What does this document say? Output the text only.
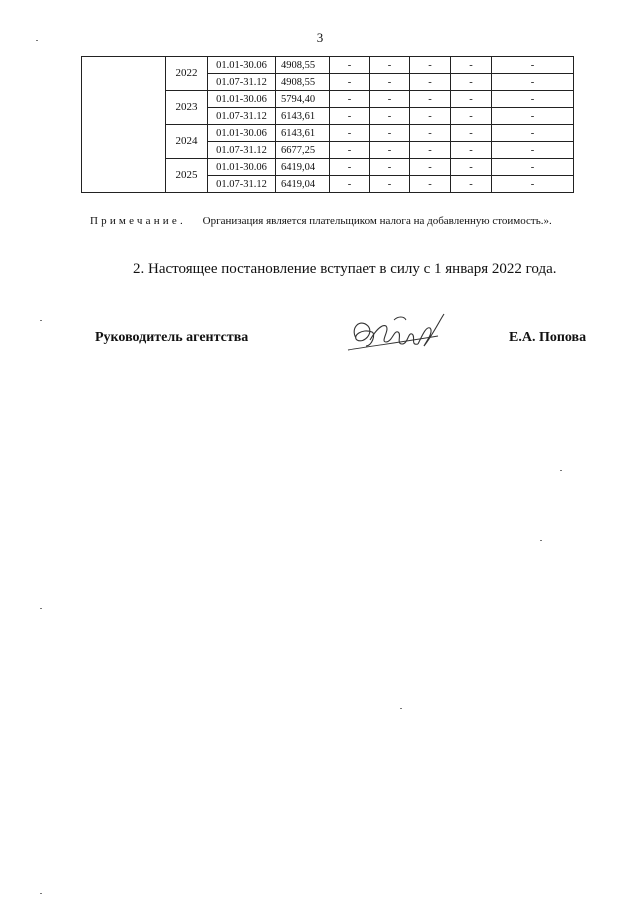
3
	2022	01.01-30.06	4908,55	-	-	-	-	-
		01.07-31.12	4908,55	-	-	-	-	-
	2023	01.01-30.06	5794,40	-	-	-	-	-
		01.07-31.12	6143,61	-	-	-	-	-
	2024	01.01-30.06	6143,61	-	-	-	-	-
		01.07-31.12	6677,25	-	-	-	-	-
	2025	01.01-30.06	6419,04	-	-	-	-	-
		01.07-31.12	6419,04	-	-	-	-	-
Примечание. Организация является плательщиком налога на добавленную стоимость.».
2. Настоящее постановление вступает в силу с 1 января 2022 года.
Руководитель агентства	Е.А. Попова
